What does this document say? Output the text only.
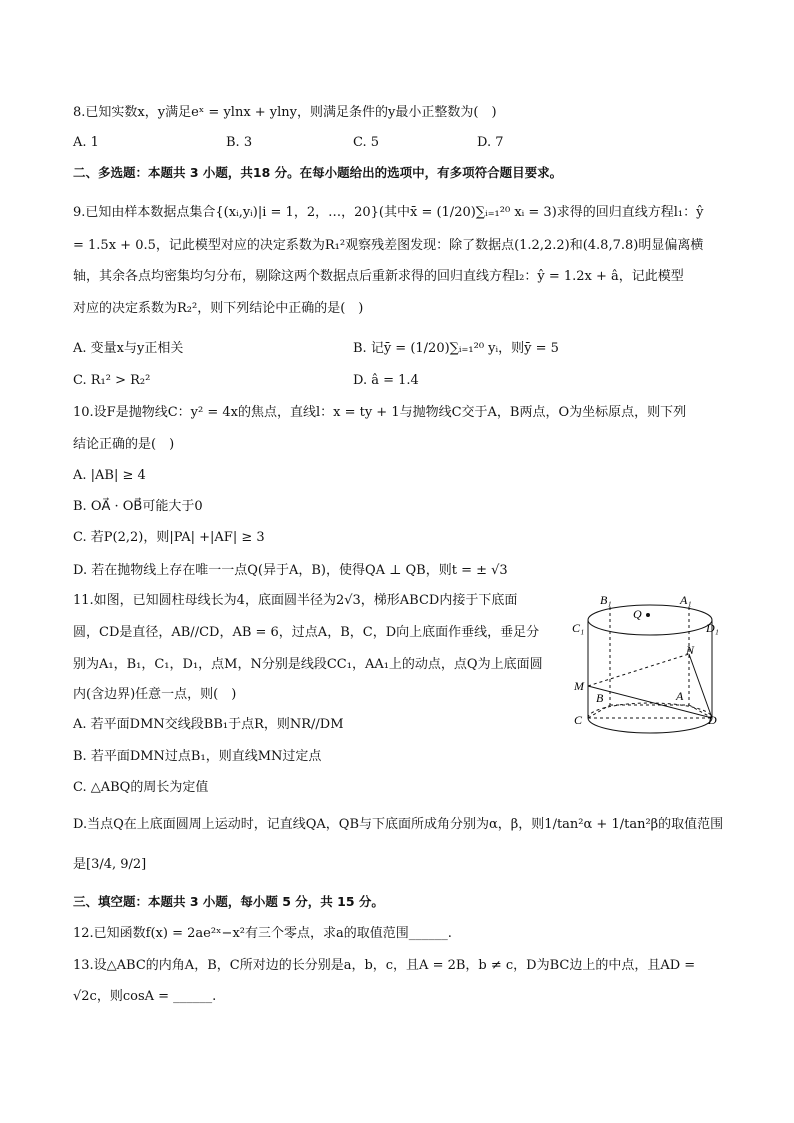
8.已知实数x，y满足eˣ = ylnx + ylny，则满足条件的y最小正整数为(　)
A. 1	B. 3	C. 5	D. 7
二、多选题：本题共 3 小题，共18 分。在每小题给出的选项中，有多项符合题目要求。
9.已知由样本数据点集合{(xᵢ,yᵢ)|i = 1，2，…，20}(其中x̄ = (1/20)∑ᵢ₌₁²⁰ xᵢ = 3)求得的回归直线方程l₁：ŷ
= 1.5x + 0.5，记此模型对应的决定系数为R₁²观察残差图发现：除了数据点(1.2,2.2)和(4.8,7.8)明显偏离横
轴，其余各点均密集均匀分布，剔除这两个数据点后重新求得的回归直线方程l₂：ŷ = 1.2x + â，记此模型
对应的决定系数为R₂²，则下列结论中正确的是(　)
A. 变量x与y正相关	B. 记ȳ = (1/20)∑ᵢ₌₁²⁰ yᵢ，则ȳ = 5
C. R₁² > R₂²	D. â = 1.4
10.设F是抛物线C：y² = 4x的焦点，直线l：x = ty + 1与抛物线C交于A，B两点，O为坐标原点，则下列
结论正确的是(　)
A. |AB| ≥ 4
B. OA⃗ · OB⃗可能大于0
C. 若P(2,2)，则|PA| +|AF| ≥ 3
D. 若在抛物线上存在唯一一点Q(异于A，B)，使得QA ⊥ QB，则t = ± √3
11.如图，已知圆柱母线长为4，底面圆半径为2√3，梯形ABCD内接于下底面
圆，CD是直径，AB//CD，AB = 6，过点A，B，C，D向上底面作垂线，垂足分
别为A₁，B₁，C₁，D₁，点M，N分别是线段CC₁，AA₁上的动点，点Q为上底面圆
内(含边界)任意一点，则(　)
A. 若平面DMN交线段BB₁于点R，则NR//DM
B. 若平面DMN过点B₁，则直线MN过定点
C. △ABQ的周长为定值
D.当点Q在上底面圆周上运动时，记直线QA，QB与下底面所成角分别为α，β，则1/tan²α + 1/tan²β的取值范围
是[3/4, 9/2]
B₁
Q
A₁
C₁	D₁
N
M
B	A
C	D
三、填空题：本题共 3 小题，每小题 5 分，共 15 分。
12.已知函数f(x) = 2ae²ˣ−x²有三个零点，求a的取值范围______.
13.设△ABC的内角A，B，C所对边的长分别是a，b，c，且A = 2B，b ≠ c，D为BC边上的中点，且AD =
√2c，则cosA = ______.
